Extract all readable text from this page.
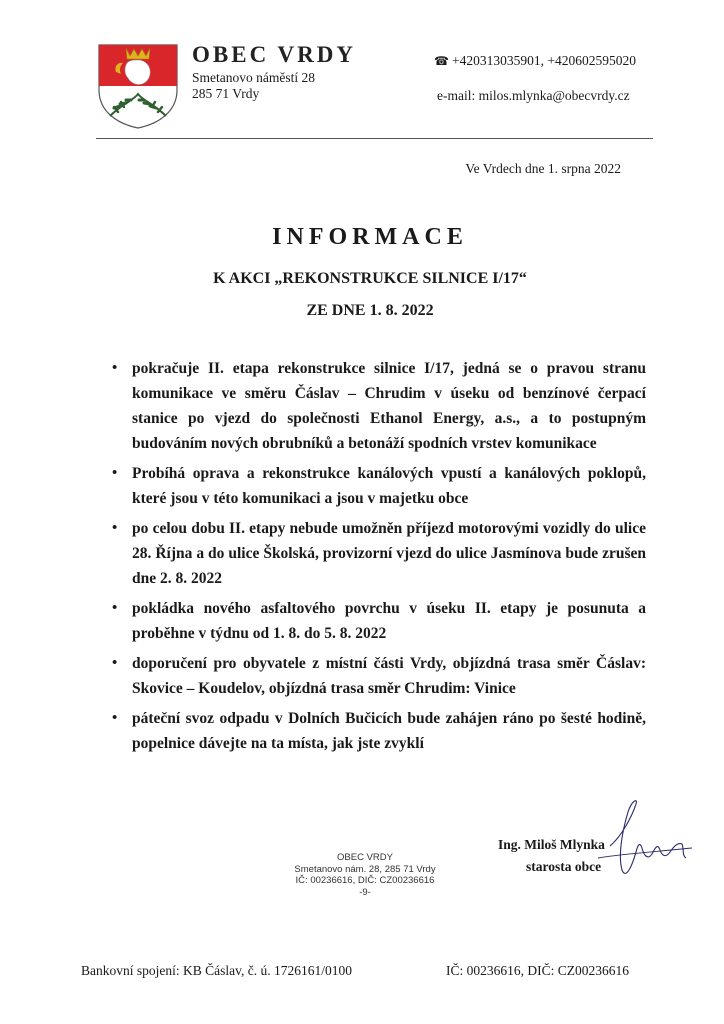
OBEC VRDY
Smetanovo náměstí 28
285 71 Vrdy
☎ +420313035901, +420602595020
e-mail: milos.mlynka@obecvrdy.cz
Ve Vrdech dne 1. srpna 2022
INFORMACE
K AKCI „REKONSTRUKCE SILNICE I/17“
ZE DNE 1. 8. 2022
• pokračuje II. etapa rekonstrukce silnice I/17, jedná se o pravou stranu komunikace ve směru Čáslav – Chrudim v úseku od benzínové čerpací stanice po vjezd do společnosti Ethanol Energy, a.s., a to postupným budováním nových obrubníků a betonáží spodních vrstev komunikace
• Probíhá oprava a rekonstrukce kanálových vpustí a kanálových poklopů, které jsou v této komunikaci a jsou v majetku obce
• po celou dobu II. etapy nebude umožněn příjezd motorovými vozidly do ulice 28. Října a do ulice Školská, provizorní vjezd do ulice Jasmínova bude zrušen dne 2. 8. 2022
• pokládka nového asfaltového povrchu v úseku II. etapy je posunuta a proběhne v týdnu od 1. 8. do 5. 8. 2022
• doporučení pro obyvatele z místní části Vrdy, objízdná trasa směr Čáslav: Skovice – Koudelov, objízdná trasa směr Chrudim: Vinice
• páteční svoz odpadu v Dolních Bučicích bude zahájen ráno po šesté hodině, popelnice dávejte na ta místa, jak jste zvyklí
Ing. Miloš Mlynka
starosta obce
OBEC VRDY
Smetanovo nám. 28, 285 71 Vrdy
IČ: 00236616, DIČ: CZ00236616
-9-
Bankovní spojení: KB Čáslav, č. ú. 1726161/0100	IČ: 00236616, DIČ: CZ00236616
